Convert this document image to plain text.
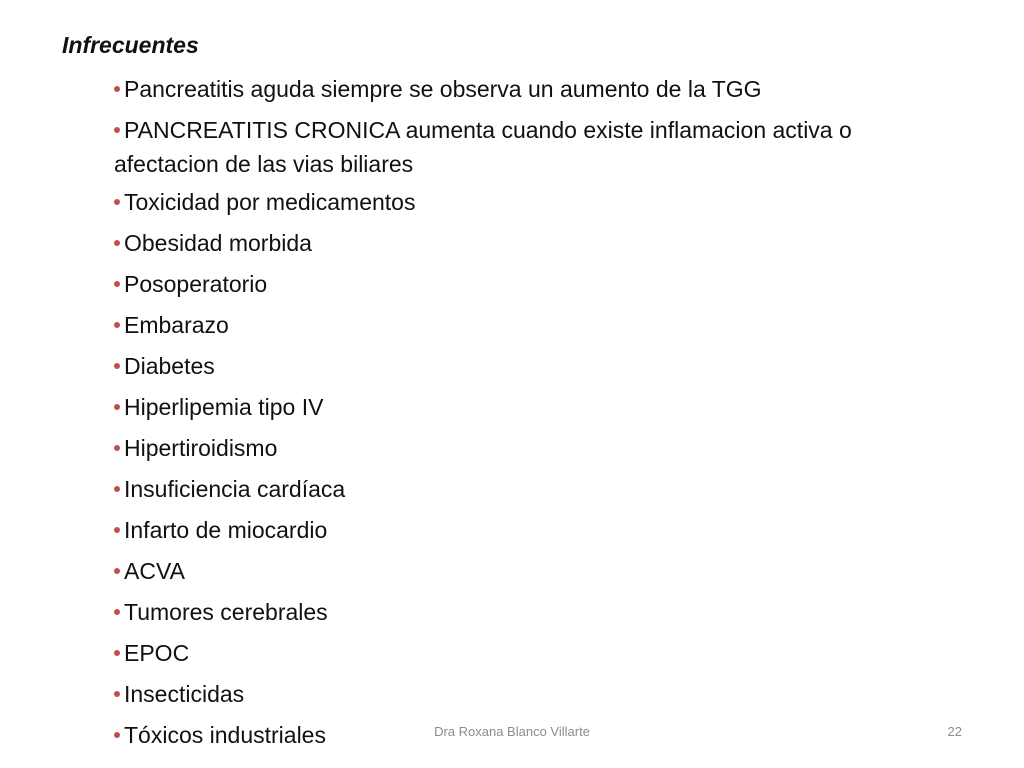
Infrecuentes
Pancreatitis aguda siempre se observa un aumento de la TGG
PANCREATITIS CRONICA aumenta cuando existe inflamacion activa o afectacion de las vias biliares
Toxicidad por medicamentos
Obesidad morbida
Posoperatorio
Embarazo
Diabetes
Hiperlipemia tipo IV
Hipertiroidismo
Insuficiencia cardíaca
Infarto de miocardio
ACVA
Tumores cerebrales
EPOC
Insecticidas
Tóxicos industriales	Dra Roxana Blanco Villarte	22
